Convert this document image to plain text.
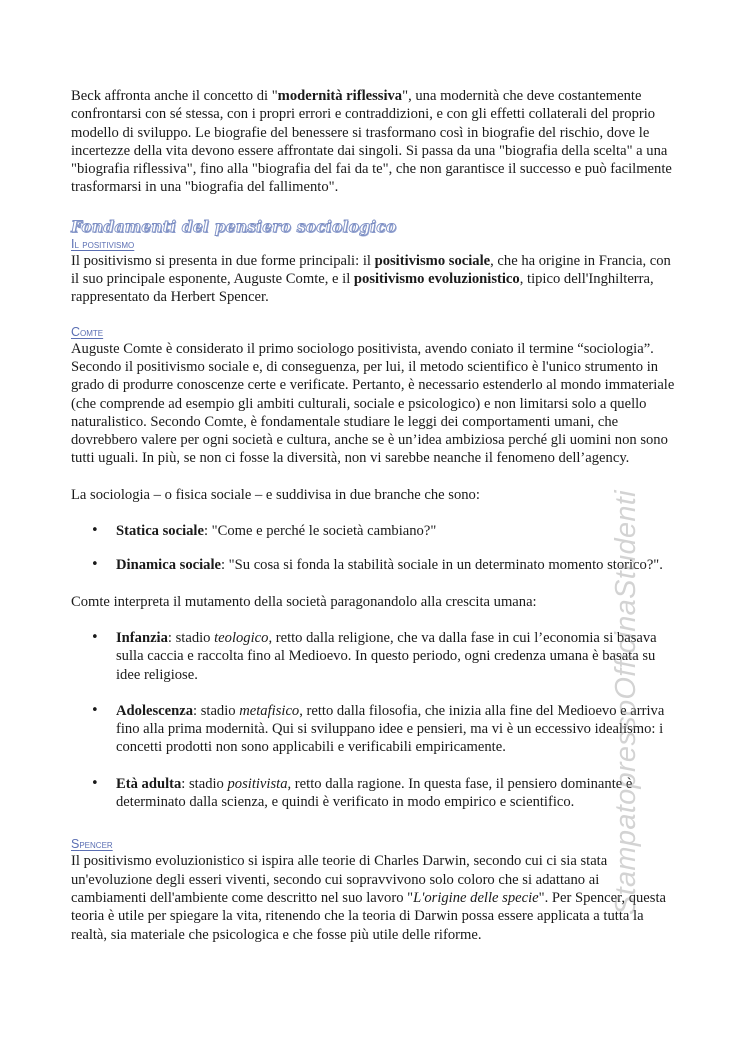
Beck affronta anche il concetto di "modernità riflessiva", una modernità che deve costantemente confrontarsi con sé stessa, con i propri errori e contraddizioni, e con gli effetti collaterali del proprio modello di sviluppo. Le biografie del benessere si trasformano così in biografie del rischio, dove le incertezze della vita devono essere affrontate dai singoli. Si passa da una "biografia della scelta" a una "biografia riflessiva", fino alla "biografia del fai da te", che non garantisce il successo e può facilmente trasformarsi in una "biografia del fallimento".

Fondamenti del pensiero sociologico
Il positivismo

Il positivismo si presenta in due forme principali: il positivismo sociale, che ha origine in Francia, con il suo principale esponente, Auguste Comte, e il positivismo evoluzionistico, tipico dell'Inghilterra, rappresentato da Herbert Spencer.

Comte

Auguste Comte è considerato il primo sociologo positivista, avendo coniato il termine “sociologia”. Secondo il positivismo sociale e, di conseguenza, per lui, il metodo scientifico è l'unico strumento in grado di produrre conoscenze certe e verificate. Pertanto, è necessario estenderlo al mondo immateriale (che comprende ad esempio gli ambiti culturali, sociale e psicologico) e non limitarsi solo a quello naturalistico. Secondo Comte, è fondamentale studiare le leggi dei comportamenti umani, che dovrebbero valere per ogni società e cultura, anche se è un’idea ambiziosa perché gli uomini non sono tutti uguali. In più, se non ci fosse la diversità, non vi sarebbe neanche il fenomeno dell’agency.

La sociologia – o fisica sociale – e suddivisa in due branche che sono:

• Statica sociale: "Come e perché le società cambiano?"
• Dinamica sociale: "Su cosa si fonda la stabilità sociale in un determinato momento storico?".

Comte interpreta il mutamento della società paragonandolo alla crescita umana:

• Infanzia: stadio teologico, retto dalla religione, che va dalla fase in cui l’economia si basava sulla caccia e raccolta fino al Medioevo. In questo periodo, ogni credenza umana è basata su idee religiose.
• Adolescenza: stadio metafisico, retto dalla filosofia, che inizia alla fine del Medioevo e arriva fino alla prima modernità. Qui si sviluppano idee e pensieri, ma vi è un eccessivo idealismo: i concetti prodotti non sono applicabili e verificabili empiricamente.
• Età adulta: stadio positivista, retto dalla ragione. In questa fase, il pensiero dominante è determinato dalla scienza, e quindi è verificato in modo empirico e scientifico.
Spencer

Il positivismo evoluzionistico si ispira alle teorie di Charles Darwin, secondo cui ci sia stata un'evoluzione degli esseri viventi, secondo cui sopravvivono solo coloro che si adattano ai cambiamenti dell'ambiente come descritto nel suo lavoro "L'origine delle specie". Per Spencer, questa teoria è utile per spiegare la vita, ritenendo che la teoria di Darwin possa essere applicata a tutta la realtà, sia materiale che psicologica e che fosse più utile delle riforme.

StampatopressoOfficinaStudenti
